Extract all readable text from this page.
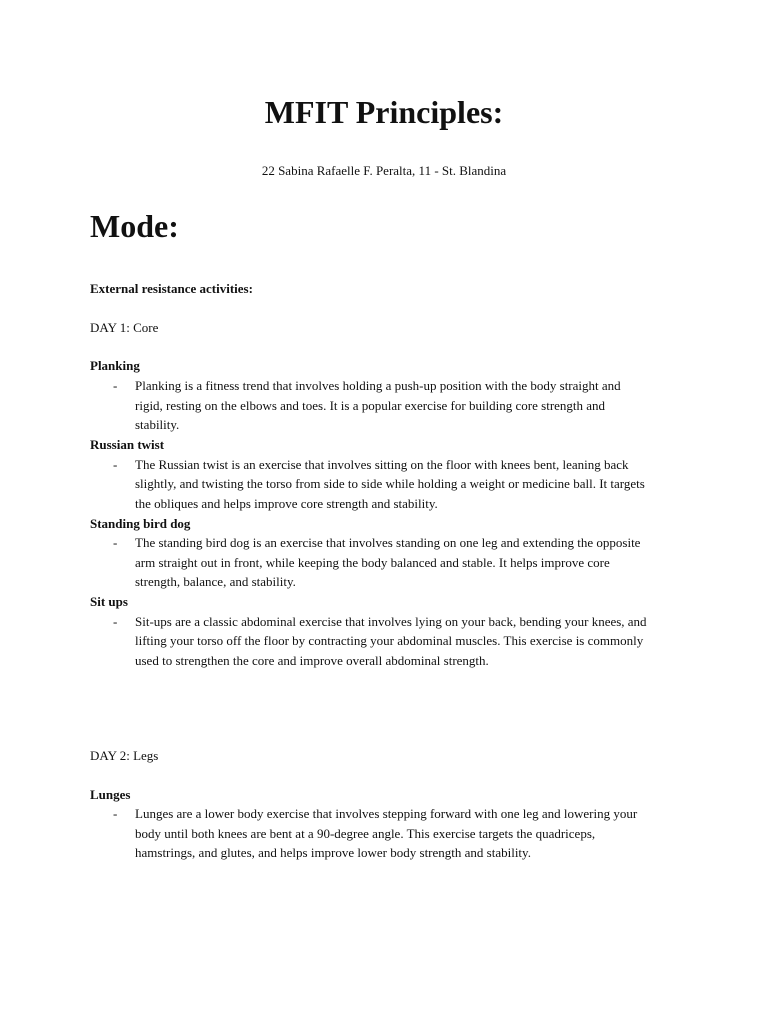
MFIT Principles:

22 Sabina Rafaelle F. Peralta, 11 - St. Blandina

Mode:

External resistance activities:

DAY 1: Core

Planking

- Planking is a fitness trend that involves holding a push-up position with the body straight and

rigid, resting on the elbows and toes. It is a popular exercise for building core strength and

stability.

Russian twist

- The Russian twist is an exercise that involves sitting on the floor with knees bent, leaning back

slightly, and twisting the torso from side to side while holding a weight or medicine ball. It targets

the obliques and helps improve core strength and stability.

Standing bird dog

- The standing bird dog is an exercise that involves standing on one leg and extending the opposite

arm straight out in front, while keeping the body balanced and stable. It helps improve core

strength, balance, and stability.

Sit ups

- Sit-ups are a classic abdominal exercise that involves lying on your back, bending your knees, and

lifting your torso off the floor by contracting your abdominal muscles. This exercise is commonly

used to strengthen the core and improve overall abdominal strength.

DAY 2: Legs

Lunges

- Lunges are a lower body exercise that involves stepping forward with one leg and lowering your

body until both knees are bent at a 90-degree angle. This exercise targets the quadriceps,

hamstrings, and glutes, and helps improve lower body strength and stability.
